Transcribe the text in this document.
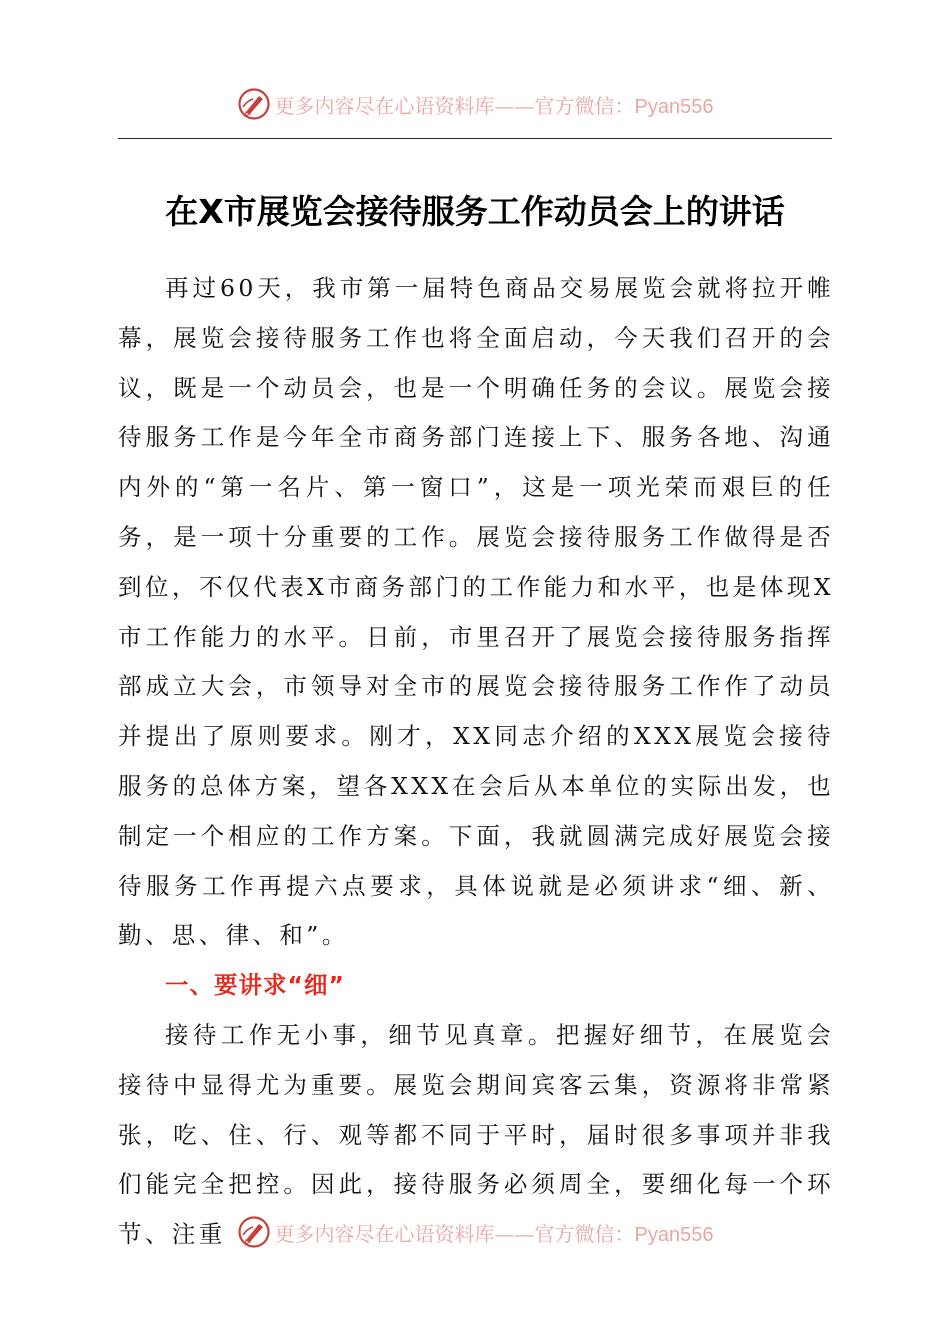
更多内容尽在心语资料库——官方微信：Pyan556
在X市展览会接待服务工作动员会上的讲话

再过60天，我市第一届特色商品交易展览会就将拉开帷幕，展览会接待服务工作也将全面启动，今天我们召开的会议，既是一个动员会，也是一个明确任务的会议。展览会接待服务工作是今年全市商务部门连接上下、服务各地、沟通内外的“第一名片、第一窗口”，这是一项光荣而艰巨的任务，是一项十分重要的工作。展览会接待服务工作做得是否到位，不仅代表X市商务部门的工作能力和水平，也是体现X市工作能力的水平。日前，市里召开了展览会接待服务指挥部成立大会，市领导对全市的展览会接待服务工作作了动员并提出了原则要求。刚才，XX同志介绍的XXX展览会接待服务的总体方案，望各XXX在会后从本单位的实际出发，也制定一个相应的工作方案。下面，我就圆满完成好展览会接待服务工作再提六点要求，具体说就是必须讲求“细、新、勤、思、律、和”。

一、要讲求“细”

接待工作无小事，细节见真章。把握好细节，在展览会接待中显得尤为重要。展览会期间宾客云集，资源将非常紧张，吃、住、行、观等都不同于平时，届时很多事项并非我们能完全把控。因此，接待服务必须周全，要细化每一个环节、注重	更多内容尽在心语资料库——官方微信：Pyan556
